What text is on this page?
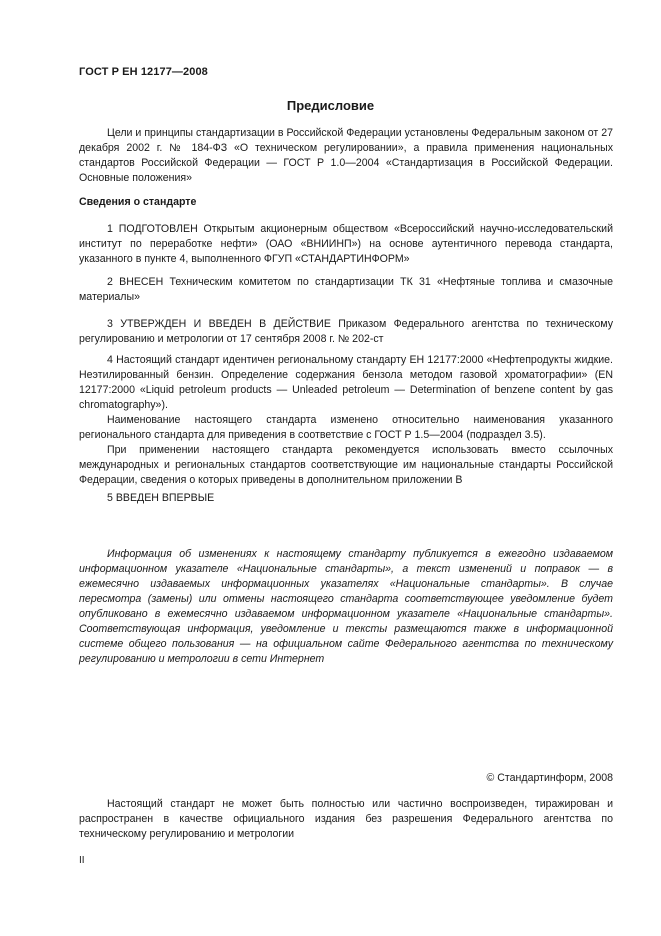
ГОСТ Р ЕН 12177—2008
Предисловие

Цели и принципы стандартизации в Российской Федерации установлены Федеральным законом от 27 декабря 2002 г. № 184-ФЗ «О техническом регулировании», а правила применения национальных стандартов Российской Федерации — ГОСТ Р 1.0—2004 «Стандартизация в Российской Федерации. Основные положения»

Сведения о стандарте

1 ПОДГОТОВЛЕН Открытым акционерным обществом «Всероссийский научно-исследовательский институт по переработке нефти» (ОАО «ВНИИНП») на основе аутентичного перевода стандарта, указанного в пункте 4, выполненного ФГУП «СТАНДАРТИНФОРМ»

2 ВНЕСЕН Техническим комитетом по стандартизации ТК 31 «Нефтяные топлива и смазочные материалы»

3 УТВЕРЖДЕН И ВВЕДЕН В ДЕЙСТВИЕ Приказом Федерального агентства по техническому регулированию и метрологии от 17 сентября 2008 г. № 202-ст

4 Настоящий стандарт идентичен региональному стандарту ЕН 12177:2000 «Нефтепродукты жидкие. Неэтилированный бензин. Определение содержания бензола методом газовой хроматографии» (EN 12177:2000 «Liquid petroleum products — Unleaded petroleum — Determination of benzene content by gas chromatography»).

Наименование настоящего стандарта изменено относительно наименования указанного регионального стандарта для приведения в соответствие с ГОСТ Р 1.5—2004 (подраздел 3.5).

При применении настоящего стандарта рекомендуется использовать вместо ссылочных международных и региональных стандартов соответствующие им национальные стандарты Российской Федерации, сведения о которых приведены в дополнительном приложении В

5 ВВЕДЕН ВПЕРВЫЕ

Информация об изменениях к настоящему стандарту публикуется в ежегодно издаваемом информационном указателе «Национальные стандарты», а текст изменений и поправок — в ежемесячно издаваемых информационных указателях «Национальные стандарты». В случае пересмотра (замены) или отмены настоящего стандарта соответствующее уведомление будет опубликовано в ежемесячно издаваемом информационном указателе «Национальные стандарты». Соответствующая информация, уведомление и тексты размещаются также в информационной системе общего пользования — на официальном сайте Федерального агентства по техническому регулированию и метрологии в сети Интернет

© Стандартинформ, 2008

Настоящий стандарт не может быть полностью или частично воспроизведен, тиражирован и распространен в качестве официального издания без разрешения Федерального агентства по техническому регулированию и метрологии

II
